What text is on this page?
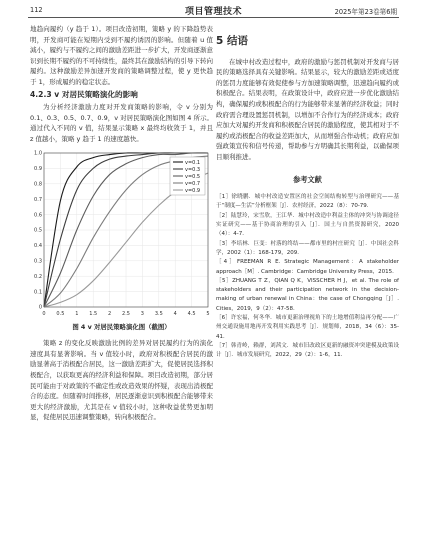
112	项目管理技术	2025年第23卷第6期

地趋向履约（y 趋于 1）。项目改造初期，策略 y 的下降趋势表明，开发商可能在短期内受到不履约诱因的影响。但随着 u 值減小，履约与不履约之间的激励差距进一步扩大，开发商逐渐意识到长期不履约的不可持续性，最终其在激励结构的引导下转向履约。这种激励差异加速开发商的策略调整过程，使 y 更快趋于 1，形成履约的稳定状态。

4.2.3 v 对居民策略演化的影响

为分析经济激励力度对开发商策略的影响，令 v 分别为 0.1、0.3、0.5、0.7、0.9，v 对居民策略演化图如图 4 所示。通过代入不同的 v 值，结果显示策略 x 最终均收敛于 1，并且 z 值越小，策略 y 趋于 1 的速度越快。

0 0.5 1 1.5 2 2.5 3 3.5 4 4.5 5
0
0.1
0.2
0.3
0.4
0.5
0.6
0.7
0.8
0.9
1.0
v=0.1
v=0.3
v=0.5
v=0.7
v=0.9

图 4 v 对居民策略演化图（截图）

策略 z 的变化反映激励比例的差异对居民履约行为的演化速度具有显著影响。当 v 值较小时，政府对积极配合居民的激励显著高于消极配合居民，这一激励差距扩大，促使居民选择积极配合，以获取更高的经济利益和保障。项目改造初期，部分居民可能由于对政策的不确定性或改造效果的怀疑，表现出消极配合的态度。但随着时间推移，居民逐渐意识到积极配合能够带来更大的经济激励，尤其是在 v 值较小时，这种收益优势更加明显，促使居民迅速调整策略，转向积极配合。

5 结语

在城中村改造过程中，政府的激励与惩罚机制对开发商与居民的策略选择具有关键影响。结果显示，较大的激励差距或适度的惩罚力度能够有效促使参与方加速策略调整，迅速趋向履约或积极配合。结果表明，在政策设计中，政府应进一步优化激励结构，确保履约或积极配合的行为能够带来显著的经济收益；同时政府需合理设置惩罚机制，以增加不合作行为的经济成本；政府应加大对履约开发商和积极配合居民的激励程度，使其相对于不履约或消极配合的收益差距加大，从而增强合作动机；政府应加强政策宣传和信号传递，帮助参与方明确其长期利益，以确保项目顺利推进。

参考文献

［1］徐晓鹏．城中村改造安置区的社会空间结构转型与治理研究——基于“制度—生活”分析框架［J］．农村经济，2022（8）：70-79．

［2］陆慧玲，宋雪欣，王江华．城中村改造中利益主体的冲突与协调途径实证研究——基于协商治理的引入［J］．国土与自然资源研究，2020（4）：4-7．

［3］李培林．巨变：村落的终结——都市里的村庄研究［J］．中国社会科学，2002（1）：168-179，209．

［4］FREEMAN R E. Strategic Management：A stakeholder approach［M］. Cambridge：Cambridge University Press，2015.

［5］ZHUANG T Z，QIAN Q K，VISSCHER H J，et al. The role of stakeholders and their participation network in the decision-making of urban renewal in China：the case of Chongqing［J］. Cities，2019，9（2）：47-58.

［6］许宏福，何冬华．城市更新治理视角下的土地增值利益再分配——广州交通设施用地再开发利用实践思考［J］．规划师，2018，34（6）：35-41．

［7］韩青岭，赖群，刘茜文．城市旧改政区更新的融资冲突建模及政策设计［J］．城市发展研究，2022，29（2）：1-6，11．
